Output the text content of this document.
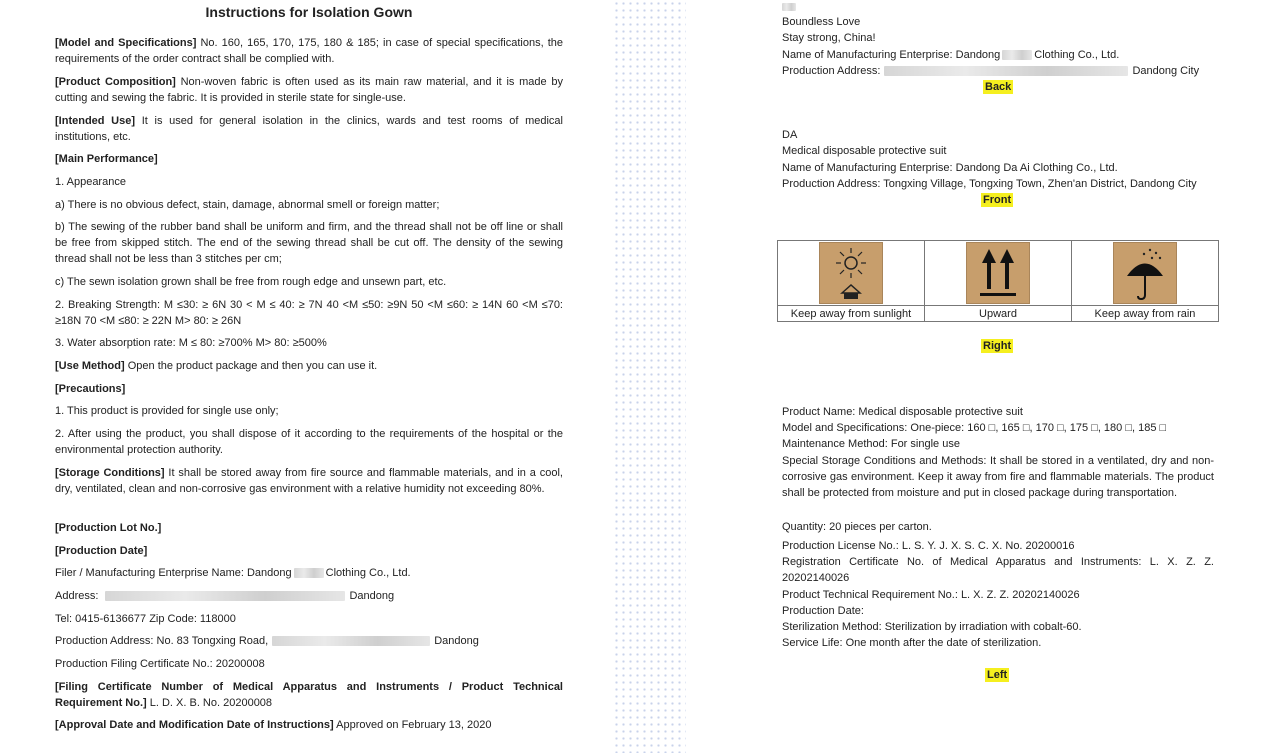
Instructions for Isolation Gown

[Model and Specifications] No. 160, 165, 170, 175, 180 & 185; in case of special specifications, the requirements of the order contract shall be complied with.

[Product Composition] Non-woven fabric is often used as its main raw material, and it is made by cutting and sewing the fabric. It is provided in sterile state for single-use.

[Intended Use] It is used for general isolation in the clinics, wards and test rooms of medical institutions, etc.

[Main Performance]

1. Appearance

a) There is no obvious defect, stain, damage, abnormal smell or foreign matter;

b) The sewing of the rubber band shall be uniform and firm, and the thread shall not be off line or shall be free from skipped stitch. The end of the sewing thread shall be cut off. The density of the sewing thread shall not be less than 3 stitches per cm;

c) The sewn isolation grown shall be free from rough edge and unsewn part, etc.

2. Breaking Strength: M ≤30: ≥ 6N 30 < M ≤ 40: ≥ 7N 40 <M ≤50: ≥9N 50 <M ≤60: ≥ 14N 60 <M ≤70: ≥18N 70 <M ≤80: ≥ 22N M> 80: ≥ 26N

3. Water absorption rate: M ≤ 80: ≥700% M> 80: ≥500%

[Use Method] Open the product package and then you can use it.

[Precautions]

1. This product is provided for single use only;

2. After using the product, you shall dispose of it according to the requirements of the hospital or the environmental protection authority.

[Storage Conditions] It shall be stored away from fire source and flammable materials, and in a cool, dry, ventilated, clean and non-corrosive gas environment with a relative humidity not exceeding 80%.

[Production Lot No.]

[Production Date]

Filer / Manufacturing Enterprise Name: Dandong	Clothing Co., Ltd.

Address:	Dandong

Tel: 0415-6136677 Zip Code: 118000

Production Address: No. 83 Tongxing Road,	Dandong

Production Filing Certificate No.: 20200008

[Filing Certificate Number of Medical Apparatus and Instruments / Product Technical Requirement No.] L. D. X. B. No. 20200008

[Approval Date and Modification Date of Instructions] Approved on February 13, 2020

Boundless Love
Stay strong, China!
Name of Manufacturing Enterprise: Dandong	Clothing Co., Ltd.
Production Address:	Dandong City
DA
Medical disposable protective suit
Name of Manufacturing Enterprise: Dandong Da Ai Clothing Co., Ltd.
Production Address: Tongxing Village, Tongxing Town, Zhen'an District, Dandong City
Product Name: Medical disposable protective suit
Model and Specifications: One-piece: 160 □, 165 □, 170 □, 175 □, 180 □, 185 □
Maintenance Method: For single use
Special Storage Conditions and Methods: It shall be stored in a ventilated, dry and non-corrosive gas environment. Keep it away from fire and flammable materials. The product shall be protected from moisture and put in closed package during transportation.
Quantity: 20 pieces per carton.
Production License No.: L. S. Y. J. X. S. C. X. No. 20200016
Registration Certificate No. of Medical Apparatus and Instruments: L. X. Z. Z. 20202140026
Product Technical Requirement No.: L. X. Z. Z. 20202140026
Production Date:
Sterilization Method: Sterilization by irradiation with cobalt-60.
Service Life: One month after the date of sterilization.
Back
Front
Right
Left

Keep away from sunlight	Upward	Keep away from rain
